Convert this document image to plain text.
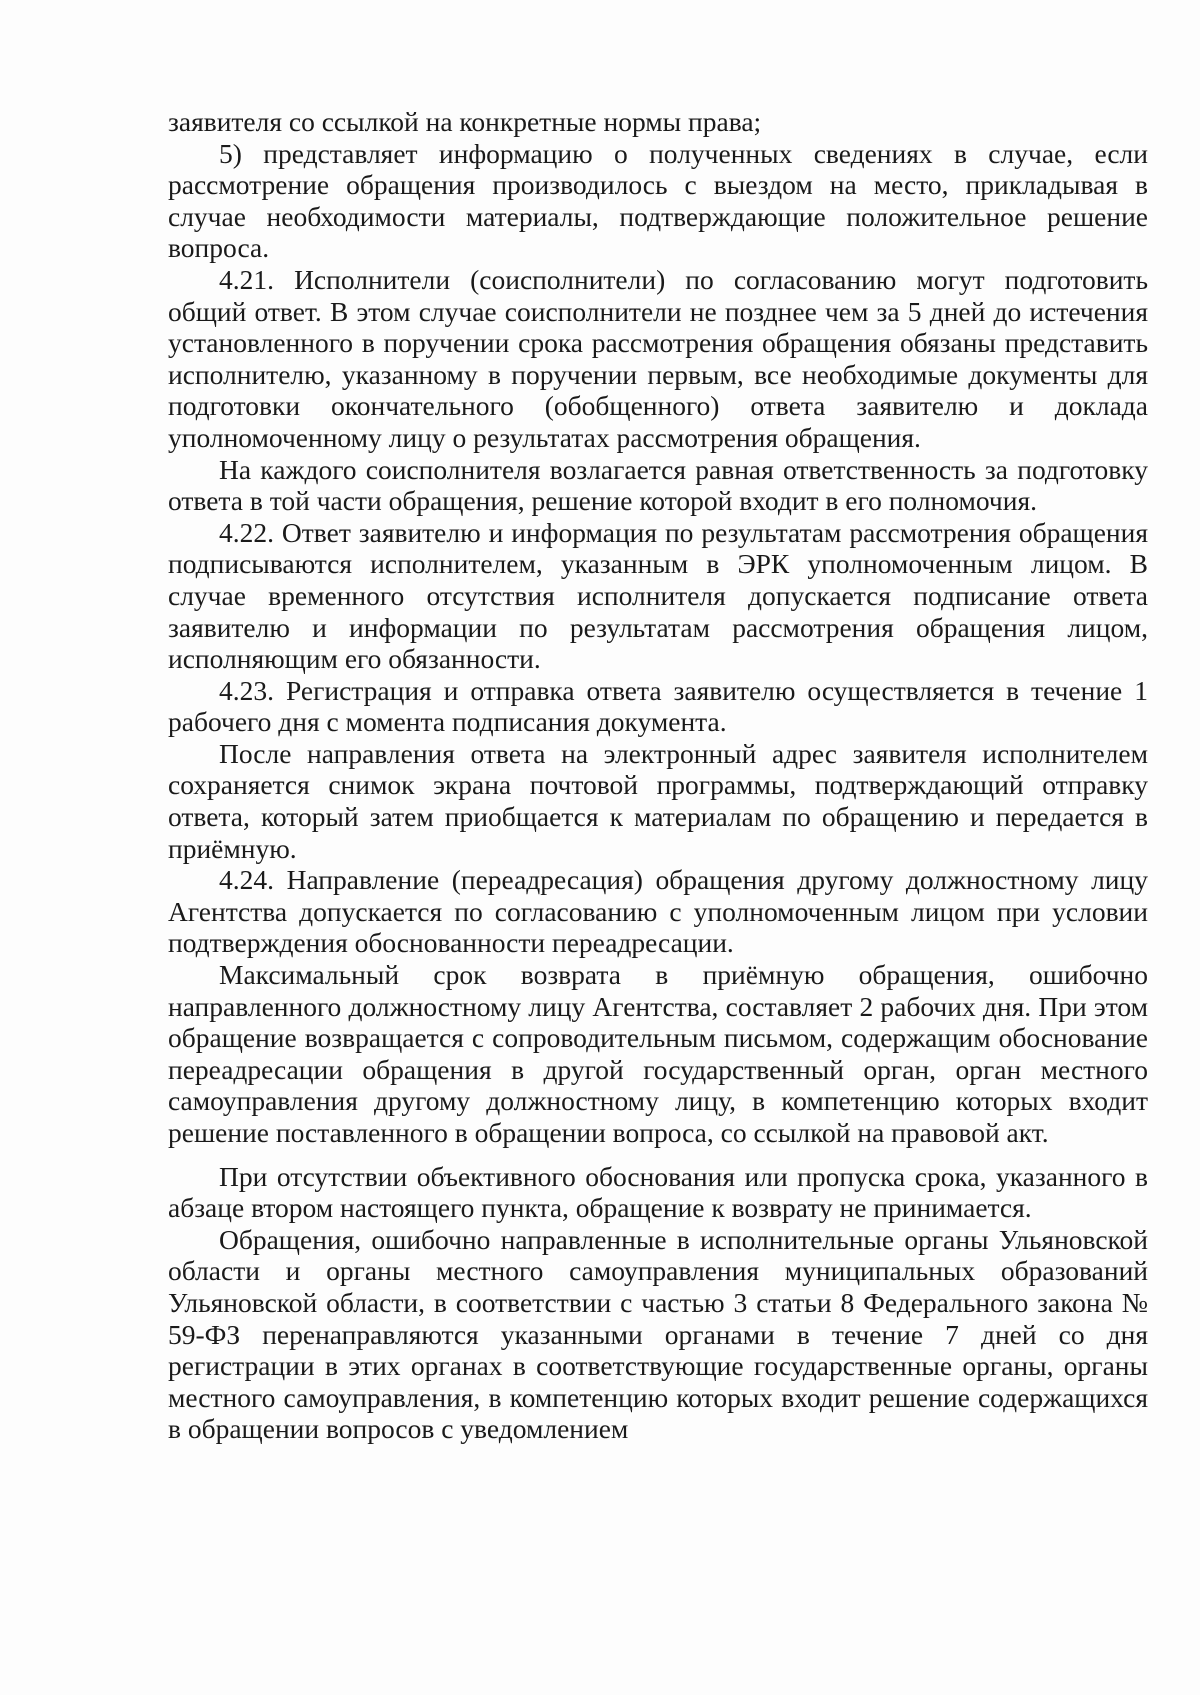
заявителя со ссылкой на конкретные нормы права;

5) представляет информацию о полученных сведениях в случае, если рассмотрение обращения производилось с выездом на место, прикладывая в случае необходимости материалы, подтверждающие положительное решение вопроса.

4.21. Исполнители (соисполнители) по согласованию могут подготовить общий ответ. В этом случае соисполнители не позднее чем за 5 дней до истечения установленного в поручении срока рассмотрения обращения обязаны представить исполнителю, указанному в поручении первым, все необходимые документы для подготовки окончательного (обобщенного) ответа заявителю и доклада уполномоченному лицу о результатах рассмотрения обращения.

На каждого соисполнителя возлагается равная ответственность за подготовку ответа в той части обращения, решение которой входит в его полномочия.

4.22. Ответ заявителю и информация по результатам рассмотрения обращения подписываются исполнителем, указанным в ЭРК уполномоченным лицом. В случае временного отсутствия исполнителя допускается подписание ответа заявителю и информации по результатам рассмотрения обращения лицом, исполняющим его обязанности.

4.23. Регистрация и отправка ответа заявителю осуществляется в течение 1 рабочего дня с момента подписания документа.

После направления ответа на электронный адрес заявителя исполнителем сохраняется снимок экрана почтовой программы, подтверждающий отправку ответа, который затем приобщается к материалам по обращению и передается в приёмную.

4.24. Направление (переадресация) обращения другому должностному лицу Агентства допускается по согласованию с уполномоченным лицом при условии подтверждения обоснованности переадресации.

Максимальный срок возврата в приёмную обращения, ошибочно направленного должностному лицу Агентства, составляет 2 рабочих дня. При этом обращение возвращается с сопроводительным письмом, содержащим обоснование переадресации обращения в другой государственный орган, орган местного самоуправления другому должностному лицу, в компетенцию которых входит решение поставленного в обращении вопроса, со ссылкой на правовой акт.

При отсутствии объективного обоснования или пропуска срока, указанного в абзаце втором настоящего пункта, обращение к возврату не принимается.

Обращения, ошибочно направленные в исполнительные органы Ульяновской области и органы местного самоуправления муниципальных образований Ульяновской области, в соответствии с частью 3 статьи 8 Федерального закона № 59-ФЗ перенаправляются указанными органами в течение 7 дней со дня регистрации в этих органах в соответствующие государственные органы, органы местного самоуправления, в компетенцию которых входит решение содержащихся в обращении вопросов с уведомлением
